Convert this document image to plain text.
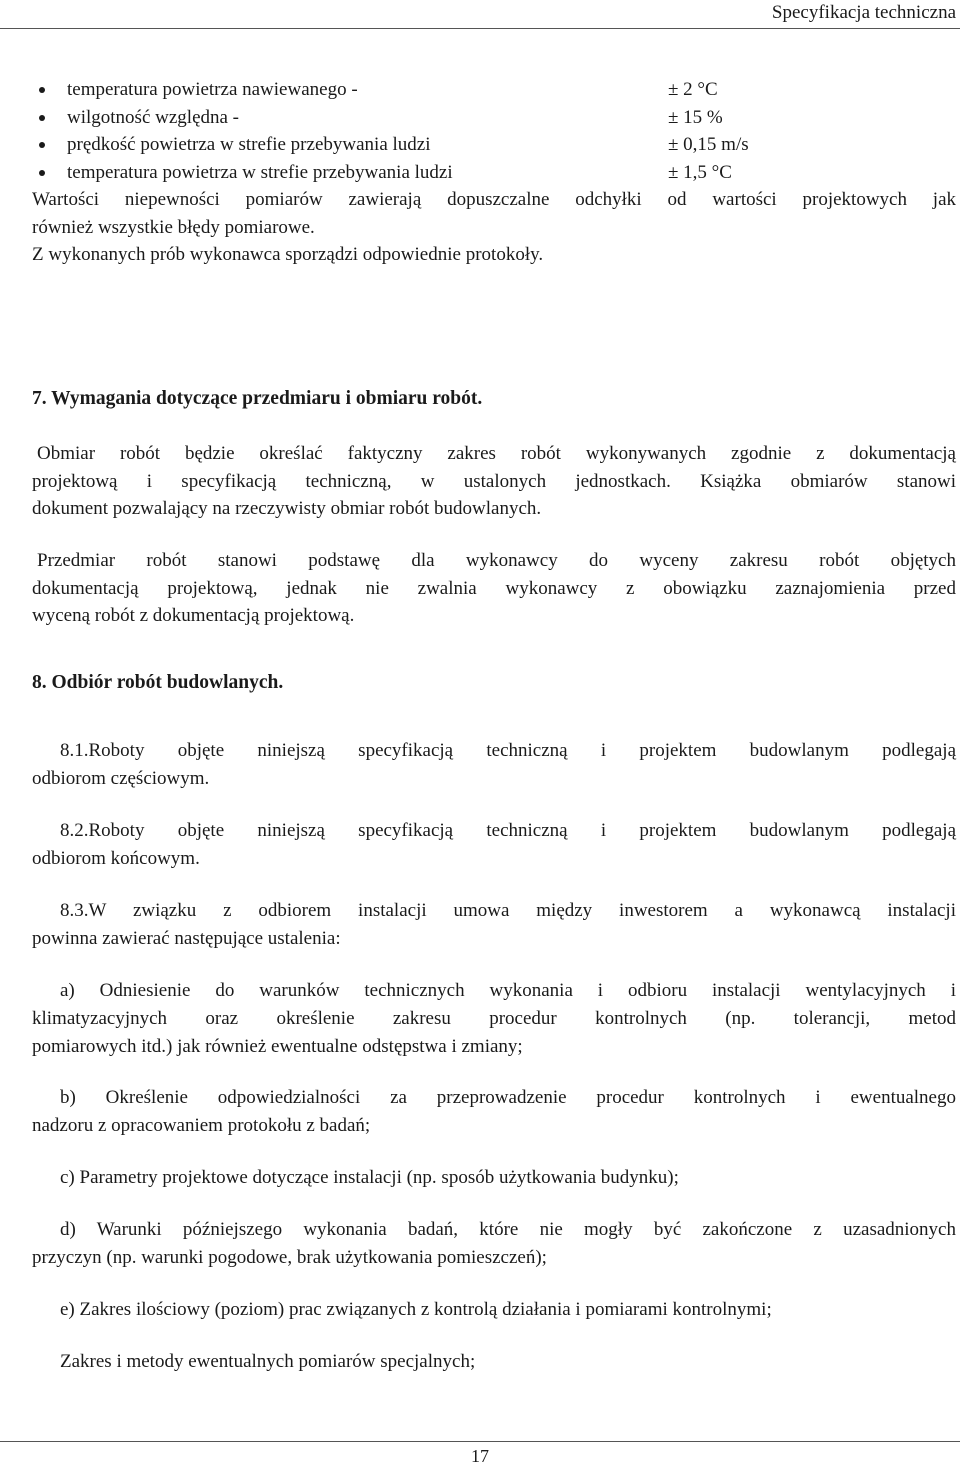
Specyfikacja techniczna
temperatura powietrza nawiewanego -	± 2 °C
wilgotność względna -	± 15 %
prędkość powietrza w strefie przebywania ludzi	± 0,15 m/s
temperatura powietrza w strefie przebywania ludzi	± 1,5 °C
Wartości niepewności pomiarów zawierają dopuszczalne odchyłki od wartości projektowych jak
również wszystkie błędy pomiarowe.
Z wykonanych prób wykonawca sporządzi odpowiednie protokoły.
7. Wymagania dotyczące przedmiaru i obmiaru robót.
Obmiar robót będzie określać faktyczny zakres robót wykonywanych zgodnie z dokumentacją
projektową i specyfikacją techniczną, w ustalonych jednostkach. Książka obmiarów stanowi
dokument pozwalający na rzeczywisty obmiar robót budowlanych.
Przedmiar robót stanowi podstawę dla wykonawcy do wyceny zakresu robót objętych
dokumentacją projektową, jednak nie zwalnia wykonawcy z obowiązku zaznajomienia przed
wyceną robót z dokumentacją projektową.
8. Odbiór robót budowlanych.
8.1.Roboty objęte niniejszą specyfikacją techniczną i projektem budowlanym podlegają
odbiorom częściowym.
8.2.Roboty objęte niniejszą specyfikacją techniczną i projektem budowlanym podlegają
odbiorom końcowym.
8.3.W związku z odbiorem instalacji umowa między inwestorem a wykonawcą instalacji
powinna zawierać następujące ustalenia:
a) Odniesienie do warunków technicznych wykonania i odbioru instalacji wentylacyjnych i
klimatyzacyjnych oraz określenie zakresu procedur kontrolnych (np. tolerancji, metod
pomiarowych itd.) jak również ewentualne odstępstwa i zmiany;
b) Określenie odpowiedzialności za przeprowadzenie procedur kontrolnych i ewentualnego
nadzoru z opracowaniem protokołu z badań;
c) Parametry projektowe dotyczące instalacji (np. sposób użytkowania budynku);
d) Warunki późniejszego wykonania badań, które nie mogły być zakończone z uzasadnionych
przyczyn (np. warunki pogodowe, brak użytkowania pomieszczeń);
e) Zakres ilościowy (poziom) prac związanych z kontrolą działania i pomiarami kontrolnymi;
Zakres i metody ewentualnych pomiarów specjalnych;
17
